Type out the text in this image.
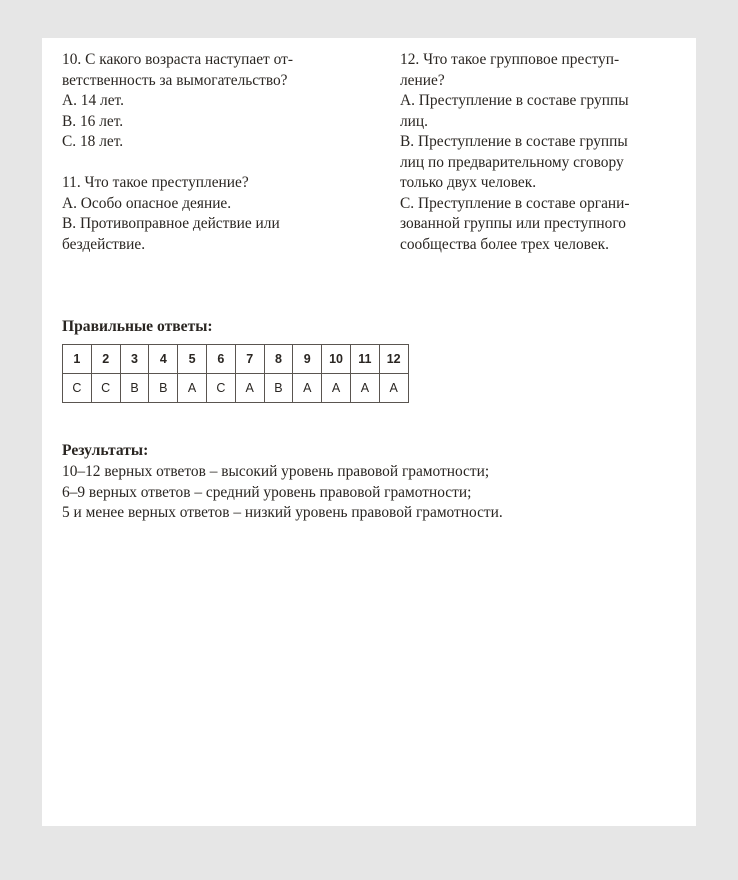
10. С какого возраста наступает от-
ветственность за вымогательство?
А. 14 лет.
В. 16 лет.
С. 18 лет.
11. Что такое преступление?
А. Особо опасное деяние.
В. Противоправное действие или
бездействие.
12. Что такое групповое преступ-
ление?
А. Преступление в составе группы
лиц.
В. Преступление в составе группы
лиц по предварительному сговору
только двух человек.
С. Преступление в составе органи-
зованной группы или преступного
сообщества более трех человек.
Правильные ответы:
1	2	3	4	5	6	7	8	9	10	11	12
C	C	B	B	A	C	A	B	A	A	A	A
Результаты:
10–12 верных ответов – высокий уровень правовой грамотности;
6–9 верных ответов – средний уровень правовой грамотности;
5 и менее верных ответов – низкий уровень правовой грамотности.
